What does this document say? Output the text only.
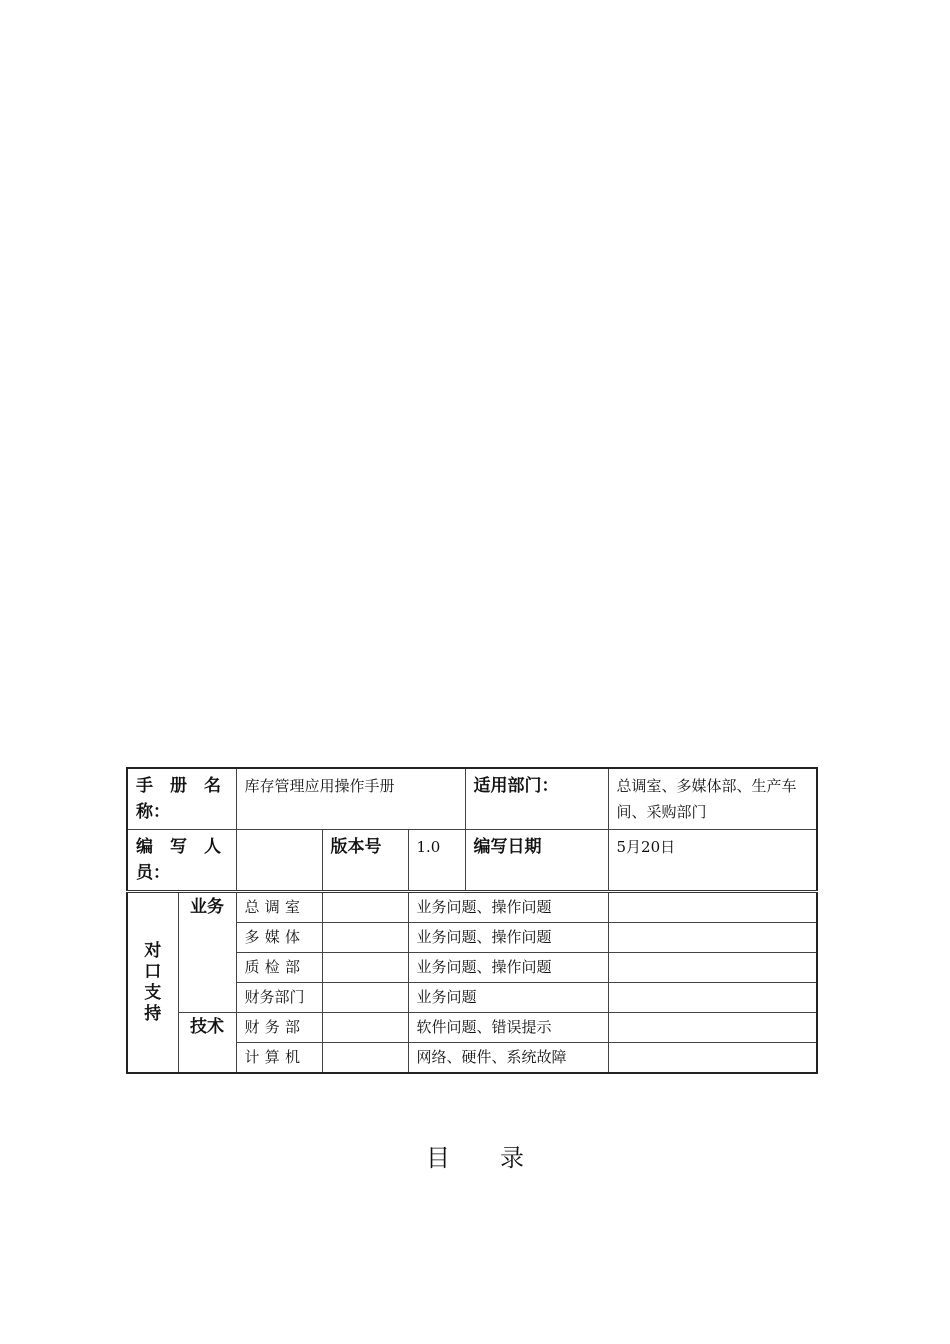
手　册　名
称：		库存管理应用操作手册			适用部门：	总调室、多媒体部、生产车间、采购部门

编　写　人
员：			版本号	1.0	编写日期	5月20日

对
口
支
持	业务	总调室		业务问题、操作问题		
		多媒体		业务问题、操作问题		
		质检部		业务问题、操作问题		
		财务部门		业务问题		
	技术	财务部		软件问题、错误提示		
		计算机		网络、硬件、系统故障		
目录
